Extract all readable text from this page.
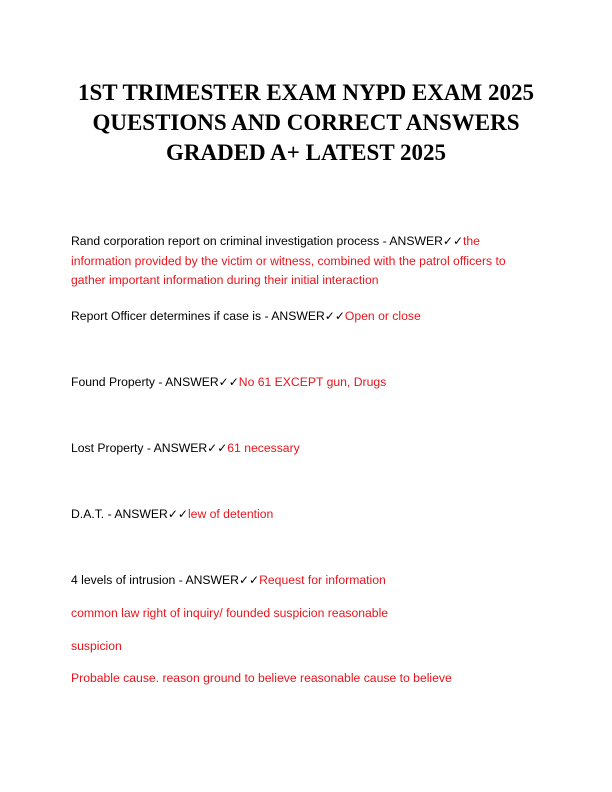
1ST TRIMESTER EXAM NYPD EXAM 2025
QUESTIONS AND CORRECT ANSWERS
GRADED A+ LATEST 2025
Rand corporation report on criminal investigation process - ANSWER✓✓the information provided by the victim or witness, combined with the patrol officers to gather important information during their initial interaction
Report Officer determines if case is - ANSWER✓✓Open or close
Found Property - ANSWER✓✓No 61 EXCEPT gun, Drugs
Lost Property - ANSWER✓✓61 necessary
D.A.T. - ANSWER✓✓lew of detention
4 levels of intrusion - ANSWER✓✓Request for information
common law right of inquiry/ founded suspicion reasonable
suspicion
Probable cause. reason ground to believe reasonable cause to believe
